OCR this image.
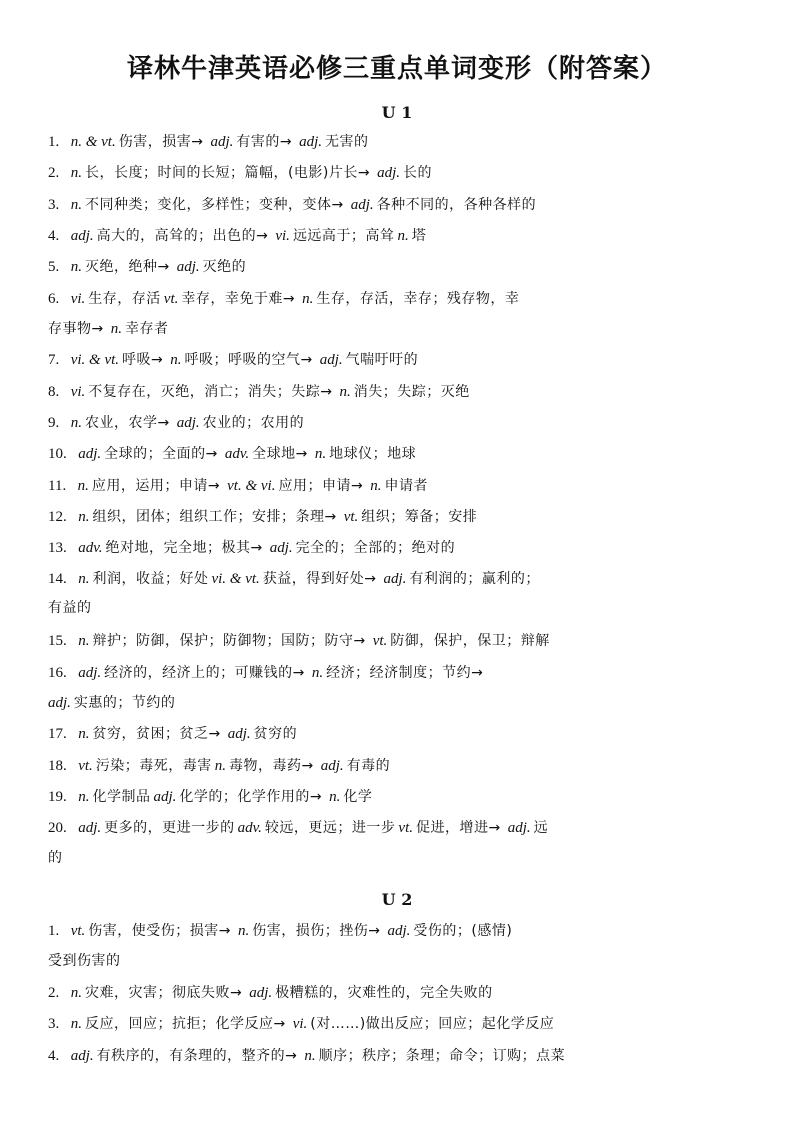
译林牛津英语必修三重点单词变形（附答案）
U 1
1. n. & vt. 伤害，损害→ adj. 有害的→ adj. 无害的
2. n. 长，长度；时间的长短；篇幅，(电影)片长→ adj. 长的
3. n. 不同种类；变化，多样性；变种，变体→ adj. 各种不同的，各种各样的
4. adj. 高大的，高耸的；出色的→ vi. 远远高于；高耸 n. 塔
5. n. 灭绝，绝种→ adj. 灭绝的
6. vi. 生存，存活 vt. 幸存，幸免于难→ n. 生存，存活，幸存；残存物，幸
存事物→ n. 幸存者
7. vi. & vt. 呼吸→ n. 呼吸；呼吸的空气→ adj. 气喘吁吁的
8. vi. 不复存在，灭绝，消亡；消失；失踪→ n. 消失；失踪；灭绝
9. n. 农业，农学→ adj. 农业的；农用的
10. adj. 全球的；全面的→ adv. 全球地→ n. 地球仪；地球
11. n. 应用，运用；申请→ vt. & vi. 应用；申请→ n. 申请者
12. n. 组织，团体；组织工作；安排；条理→ vt. 组织；筹备；安排
13. adv. 绝对地，完全地；极其→ adj. 完全的；全部的；绝对的
14. n. 利润，收益；好处 vi. & vt. 获益，得到好处→ adj. 有利润的；赢利的；
有益的
15. n. 辩护；防御，保护；防御物；国防；防守→ vt. 防御，保护，保卫；辩解
16. adj. 经济的，经济上的；可赚钱的→ n. 经济；经济制度；节约→
adj. 实惠的；节约的
17. n. 贫穷，贫困；贫乏→ adj. 贫穷的
18. vt. 污染；毒死，毒害 n. 毒物，毒药→ adj. 有毒的
19. n. 化学制品 adj. 化学的；化学作用的→ n. 化学
20. adj. 更多的，更进一步的 adv. 较远，更远；进一步 vt. 促进，增进→ adj. 远
的
U 2
1. vt. 伤害，使受伤；损害→ n. 伤害，损伤；挫伤→ adj. 受伤的；(感情)
受到伤害的
2. n. 灾难，灾害；彻底失败→ adj. 极糟糕的，灾难性的，完全失败的
3. n. 反应，回应；抗拒；化学反应→ vi. (对……)做出反应；回应；起化学反应
4. adj. 有秩序的，有条理的，整齐的→ n. 顺序；秩序；条理；命令；订购；点菜
